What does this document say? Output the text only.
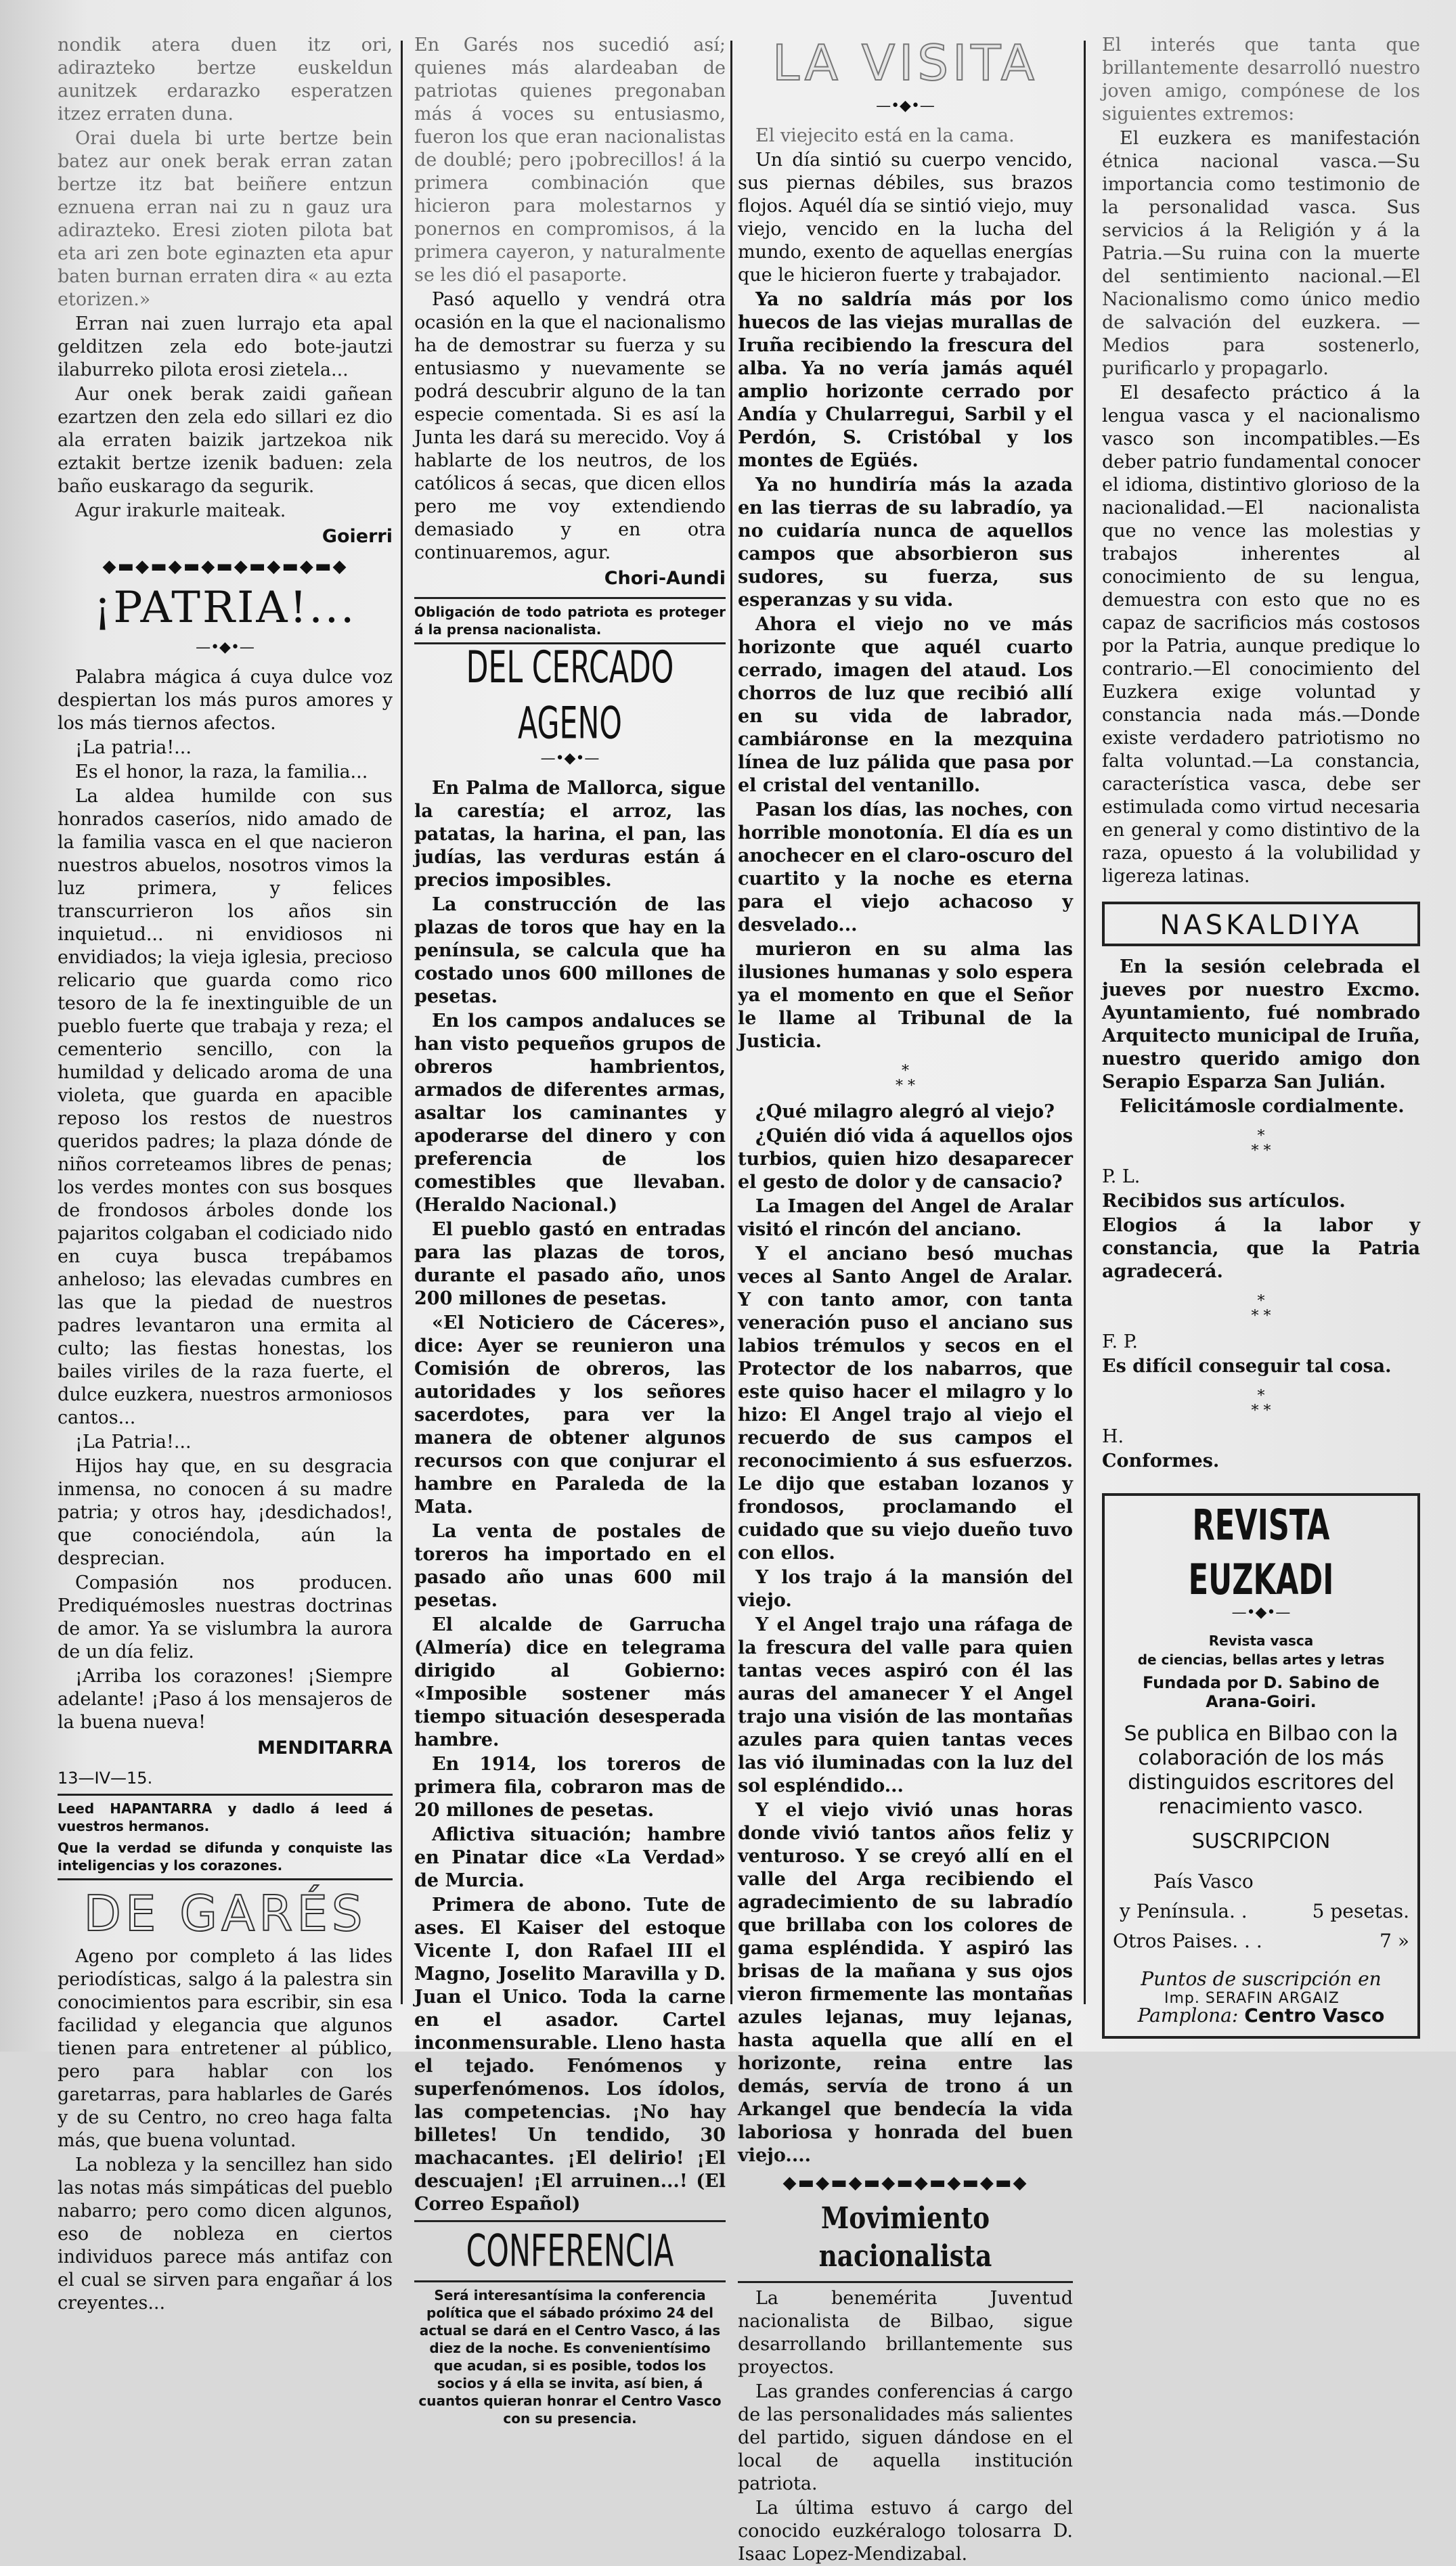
nondik atera duen itz ori, adirazteko bertze euskeldun aunitzek erdarazko esperatzen itzez erraten duna.

Orai duela bi urte bertze bein batez aur onek berak erran zatan bertze itz bat beiñere entzun eznuena erran nai zu n gauz ura adirazteko. Eresi zioten pilota bat eta ari zen bote eginazten eta apur baten burnan erraten dira « au ezta etorizen.»

Erran nai zuen lurrajo eta apal gelditzen zela edo bote-jautzi ilaburreko pilota erosi zietela...

Aur onek berak zaidi gañean ezartzen den zela edo sillari ez dio ala erraten baizik jartzekoa nik eztakit bertze izenik baduen: zela baño euskarago da segurik.

Agur irakurle maiteak.

Goierri
◆▬◆▬◆▬◆▬◆▬◆▬◆▬◆
¡PATRIA!...
—•◆•—

Palabra mágica á cuya dulce voz despiertan los más puros amores y los más tiernos afectos.

¡La patria!...

Es el honor, la raza, la familia...

La aldea humilde con sus honrados caseríos, nido amado de la familia vasca en el que nacieron nuestros abuelos, nosotros vimos la luz primera, y felices transcurrieron los años sin inquietud... ni envidiosos ni envidiados; la vieja iglesia, precioso relicario que guarda como rico tesoro de la fe inextinguible de un pueblo fuerte que trabaja y reza; el cementerio sencillo, con la humildad y delicado aroma de una violeta, que guarda en apacible reposo los restos de nuestros queridos padres; la plaza dónde de niños correteamos libres de penas; los verdes montes con sus bosques de frondosos árboles donde los pajaritos colgaban el codiciado nido en cuya busca trepábamos anheloso; las elevadas cumbres en las que la piedad de nuestros padres levantaron una ermita al culto; las fiestas honestas, los bailes viriles de la raza fuerte, el dulce euzkera, nuestros armoniosos cantos...

¡La Patria!...

Hijos hay que, en su desgracia inmensa, no conocen á su madre patria; y otros hay, ¡desdichados!, que conociéndola, aún la desprecian.

Compasión nos producen. Prediquémosles nuestras doctrinas de amor. Ya se vislumbra la aurora de un día feliz.

¡Arriba los corazones! ¡Siempre adelante! ¡Paso á los mensajeros de la buena nueva!

MENDITARRA
13—IV—15.

Leed HAPANTARRA y dadlo á leed á vuestros hermanos.

Que la verdad se difunda y conquiste las inteligencias y los corazones.

DE GARÉS

Ageno por completo á las lides periodísticas, salgo á la palestra sin conocimientos para escribir, sin esa facilidad y elegancia que algunos tienen para entretener al público, pero para hablar con los garetarras, para hablarles de Garés y de su Centro, no creo haga falta más, que buena voluntad.

La nobleza y la sencillez han sido las notas más simpáticas del pueblo nabarro; pero como dicen algunos, eso de nobleza en ciertos individuos parece más antifaz con el cual se sirven para engañar á los creyentes...

En Garés nos sucedió así; quienes más alardeaban de patriotas quienes pregonaban más á voces su entusiasmo, fueron los que eran nacionalistas de doublé; pero ¡pobrecillos! á la primera combinación que hicieron para molestarnos y ponernos en compromisos, á la primera cayeron, y naturalmente se les dió el pasaporte.

Pasó aquello y vendrá otra ocasión en la que el nacionalismo ha de demostrar su fuerza y su entusiasmo y nuevamente se podrá descubrir alguno de la tan especie comentada. Si es así la Junta les dará su merecido. Voy á hablarte de los neutros, de los católicos á secas, que dicen ellos pero me voy extendiendo demasiado y en otra continuaremos, agur.

Chori-Aundi

Obligación de todo patriota es proteger á la prensa nacionalista.

DEL CERCADO AGENO
—•◆•—

En Palma de Mallorca, sigue la carestía; el arroz, las patatas, la harina, el pan, las judías, las verduras están á precios imposibles.

La construcción de las plazas de toros que hay en la península, se calcula que ha costado unos 600 millones de pesetas.

En los campos andaluces se han visto pequeños grupos de obreros hambrientos, armados de diferentes armas, asaltar los caminantes y apoderarse del dinero y con preferencia de los comestibles que llevaban. (Heraldo Nacional.)

El pueblo gastó en entradas para las plazas de toros, durante el pasado año, unos 200 millones de pesetas.

«El Noticiero de Cáceres», dice: Ayer se reunieron una Comisión de obreros, las autoridades y los señores sacerdotes, para ver la manera de obtener algunos recursos con que conjurar el hambre en Paraleda de la Mata.

La venta de postales de toreros ha importado en el pasado año unas 600 mil pesetas.

El alcalde de Garrucha (Almería) dice en telegrama dirigido al Gobierno: «Imposible sostener más tiempo situación desesperada hambre.

En 1914, los toreros de primera fila, cobraron mas de 20 millones de pesetas.

Aflictiva situación; hambre en Pinatar dice «La Verdad» de Murcia.

Primera de abono. Tute de ases. El Kaiser del estoque Vicente I, don Rafael III el Magno, Joselito Maravilla y D. Juan el Unico. Toda la carne en el asador. Cartel inconmensurable. Lleno hasta el tejado. Fenómenos y superfenómenos. Los ídolos, las competencias. ¡No hay billetes! Un tendido, 30 machacantes. ¡El delirio! ¡El descuajen! ¡El arruinen...! (El Correo Español)

CONFERENCIA

Será interesantísima la conferencia política que el sábado próximo 24 del actual se dará en el Centro Vasco, á las diez de la noche. Es convenientísimo que acudan, si es posible, todos los socios y á ella se invita, así bien, á cuantos quieran honrar el Centro Vasco con su presencia.

LA VISITA
—•◆•—

El viejecito está en la cama.

Un día sintió su cuerpo vencido, sus piernas débiles, sus brazos flojos. Aquél día se sintió viejo, muy viejo, vencido en la lucha del mundo, exento de aquellas energías que le hicieron fuerte y trabajador.

Ya no saldría más por los huecos de las viejas murallas de Iruña recibiendo la frescura del alba. Ya no vería jamás aquél amplio horizonte cerrado por Andía y Chularregui, Sarbil y el Perdón, S. Cristóbal y los montes de Egüés.

Ya no hundiría más la azada en las tierras de su labradío, ya no cuidaría nunca de aquellos campos que absorbieron sus sudores, su fuerza, sus esperanzas y su vida.

Ahora el viejo no ve más horizonte que aquél cuarto cerrado, imagen del ataud. Los chorros de luz que recibió allí en su vida de labrador, cambiáronse en la mezquina línea de luz pálida que pasa por el cristal del ventanillo.

Pasan los días, las noches, con horrible monotonía. El día es un anochecer en el claro-oscuro del cuartito y la noche es eterna para el viejo achacoso y desvelado...

murieron en su alma las ilusiones humanas y solo espera ya el momento en que el Señor le llame al Tribunal de la Justicia.

*
* *

¿Qué milagro alegró al viejo?

¿Quién dió vida á aquellos ojos turbios, quien hizo desaparecer el gesto de dolor y de cansacio?

La Imagen del Angel de Aralar visitó el rincón del anciano.

Y el anciano besó muchas veces al Santo Angel de Aralar. Y con tanto amor, con tanta veneración puso el anciano sus labios trémulos y secos en el Protector de los nabarros, que este quiso hacer el milagro y lo hizo: El Angel trajo al viejo el recuerdo de sus campos el reconocimiento á sus esfuerzos. Le dijo que estaban lozanos y frondosos, proclamando el cuidado que su viejo dueño tuvo con ellos.

Y los trajo á la mansión del viejo.

Y el Angel trajo una ráfaga de la frescura del valle para quien tantas veces aspiró con él las auras del amanecer Y el Angel trajo una visión de las montañas azules para quien tantas veces las vió iluminadas con la luz del sol espléndido...

Y el viejo vivió unas horas donde vivió tantos años feliz y venturoso. Y se creyó allí en el valle del Arga recibiendo el agradecimiento de su labradío que brillaba con los colores de gama espléndida. Y aspiró las brisas de la mañana y sus ojos vieron firmemente las montañas azules lejanas, muy lejanas, hasta aquella que allí en el horizonte, reina entre las demás, servía de trono á un Arkangel que bendecía la vida laboriosa y honrada del buen viejo....

◆▬◆▬◆▬◆▬◆▬◆▬◆▬◆
Movimiento nacionalista

La benemérita Juventud nacionalista de Bilbao, sigue desarrollando brillantemente sus proyectos.

Las grandes conferencias á cargo de las personalidades más salientes del partido, siguen dándose en el local de aquella institución patriota.

La última estuvo á cargo del conocido euzkéralogo tolosarra D. Isaac Lopez-Mendizabal.

El interés que tanta que brillantemente desarrolló nuestro joven amigo, compónese de los siguientes extremos:

El euzkera es manifestación étnica nacional vasca.—Su importancia como testimonio de la personalidad vasca. Sus servicios á la Religión y á la Patria.—Su ruina con la muerte del sentimiento nacional.—El Nacionalismo como único medio de salvación del euzkera. —Medios para sostenerlo, purificarlo y propagarlo.

El desafecto práctico á la lengua vasca y el nacionalismo vasco son incompatibles.—Es deber patrio fundamental conocer el idioma, distintivo glorioso de la nacionalidad.—El nacionalista que no vence las molestias y trabajos inherentes al conocimiento de su lengua, demuestra con esto que no es capaz de sacrificios más costosos por la Patria, aunque predique lo contrario.—El conocimiento del Euzkera exige voluntad y constancia nada más.—Donde existe verdadero patriotismo no falta voluntad.—La constancia, característica vasca, debe ser estimulada como virtud necesaria en general y como distintivo de la raza, opuesto á la volubilidad y ligereza latinas.

NASKALDIYA

En la sesión celebrada el jueves por nuestro Excmo. Ayuntamiento, fué nombrado Arquitecto municipal de Iruña, nuestro querido amigo don Serapio Esparza San Julián.

Felicitámosle cordialmente.

*
* *

P. L.

Recibidos sus artículos.

Elogios á la labor y constancia, que la Patria agradecerá.

*
* *

F. P.

Es difícil conseguir tal cosa.

*
* *

H.

Conformes.

REVISTA EUZKADI
—•◆•—
Revista vasca
de ciencias, bellas artes y letras
Fundada por D. Sabino de Arana-Goiri.
Se publica en Bilbao con la colaboración de los más distinguidos escritores del renacimiento vasco.
SUSCRIPCION
País Vasco
y Península. .	5 pesetas.
Otros Paises. . .	7 »
Puntos de suscripción en
Pamplona: Centro Vasco
Imp. SERAFIN ARGAIZ
